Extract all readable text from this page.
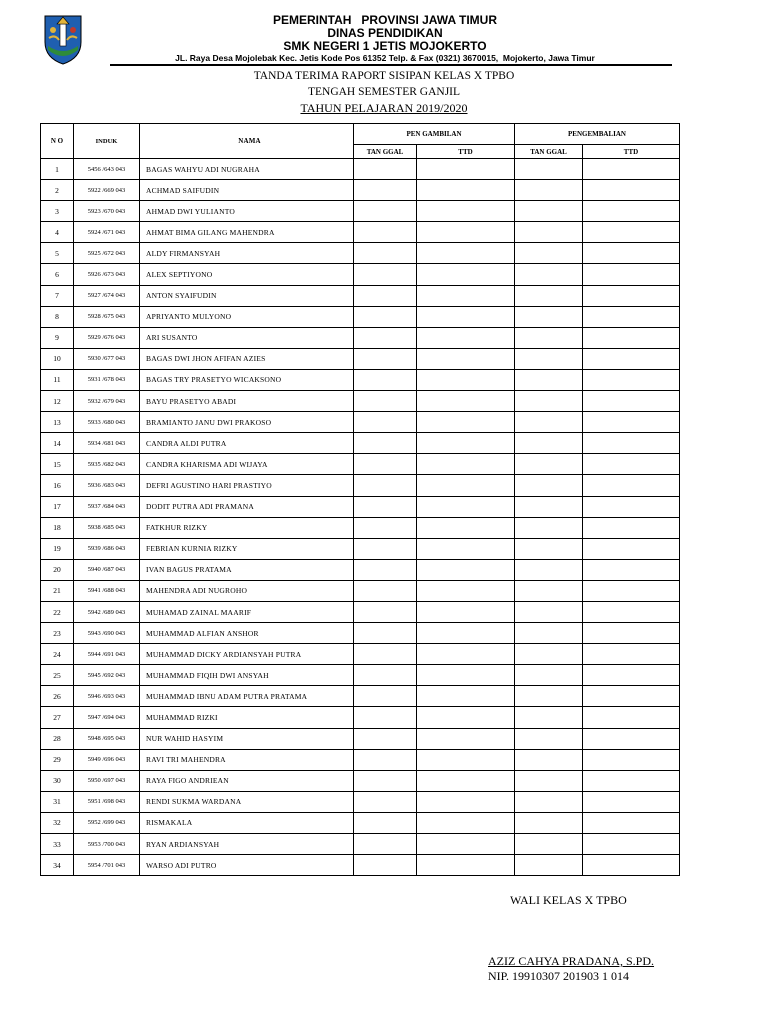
PEMERINTAH   PROVINSI JAWA TIMUR

DINAS PENDIDIKAN

SMK NEGERI 1 JETIS MOJOKERTO

JL. Raya Desa Mojolebak Kec. Jetis Kode Pos 61352 Telp. & Fax (0321) 3670015,  Mojokerto, Jawa Timur

TANDA TERIMA RAPORT SISIPAN KELAS X TPBO
TENGAH SEMESTER GANJIL
TAHUN PELAJARAN 2019/2020
N O	INDUK	NAMA	PEN GAMBILAN		PENGEMBALIAN	
			TAN GGAL	TTD	TAN GGAL	TTD
1	5456 /643 043	BAGAS WAHYU ADI NUGRAHA				
2	5922 /669 043	ACHMAD SAIFUDIN				
3	5923 /670 043	AHMAD DWI YULIANTO				
4	5924 /671 043	AHMAT BIMA GILANG MAHENDRA				
5	5925 /672 043	ALDY FIRMANSYAH				
6	5926 /673 043	ALEX SEPTIYONO				
7	5927 /674 043	ANTON SYAIFUDIN				
8	5928 /675 043	APRIYANTO MULYONO				
9	5929 /676 043	ARI SUSANTO				
10	5930 /677 043	BAGAS DWI JHON AFIFAN AZIES				
11	5931 /678 043	BAGAS TRY PRASETYO WICAKSONO				
12	5932 /679 043	BAYU PRASETYO ABADI				
13	5933 /680 043	BRAMIANTO JANU DWI PRAKOSO				
14	5934 /681 043	CANDRA ALDI PUTRA				
15	5935 /682 043	CANDRA KHARISMA ADI WIJAYA				
16	5936 /683 043	DEFRI AGUSTINO HARI PRASTIYO				
17	5937 /684 043	DODIT PUTRA ADI PRAMANA				
18	5938 /685 043	FATKHUR RIZKY				
19	5939 /686 043	FEBRIAN KURNIA RIZKY				
20	5940 /687 043	IVAN BAGUS PRATAMA				
21	5941 /688 043	MAHENDRA ADI NUGROHO				
22	5942 /689 043	MUHAMAD ZAINAL MAARIF				
23	5943 /690 043	MUHAMMAD ALFIAN ANSHOR				
24	5944 /691 043	MUHAMMAD DICKY ARDIANSYAH PUTRA				
25	5945 /692 043	MUHAMMAD FIQIH DWI ANSYAH				
26	5946 /693 043	MUHAMMAD IBNU ADAM PUTRA PRATAMA				
27	5947 /694 043	MUHAMMAD RIZKI				
28	5948 /695 043	NUR WAHID HASYIM				
29	5949 /696 043	RAVI TRI MAHENDRA				
30	5950 /697 043	RAYA FIGO ANDRIEAN				
31	5951 /698 043	RENDI SUKMA WARDANA				
32	5952 /699 043	RISMAKALA				
33	5953 /700 043	RYAN ARDIANSYAH				
34	5954 /701 043	WARSO ADI PUTRO				
WALI KELAS X TPBO
AZIZ CAHYA PRADANA, S.PD.
NIP. 19910307 201903 1 014
